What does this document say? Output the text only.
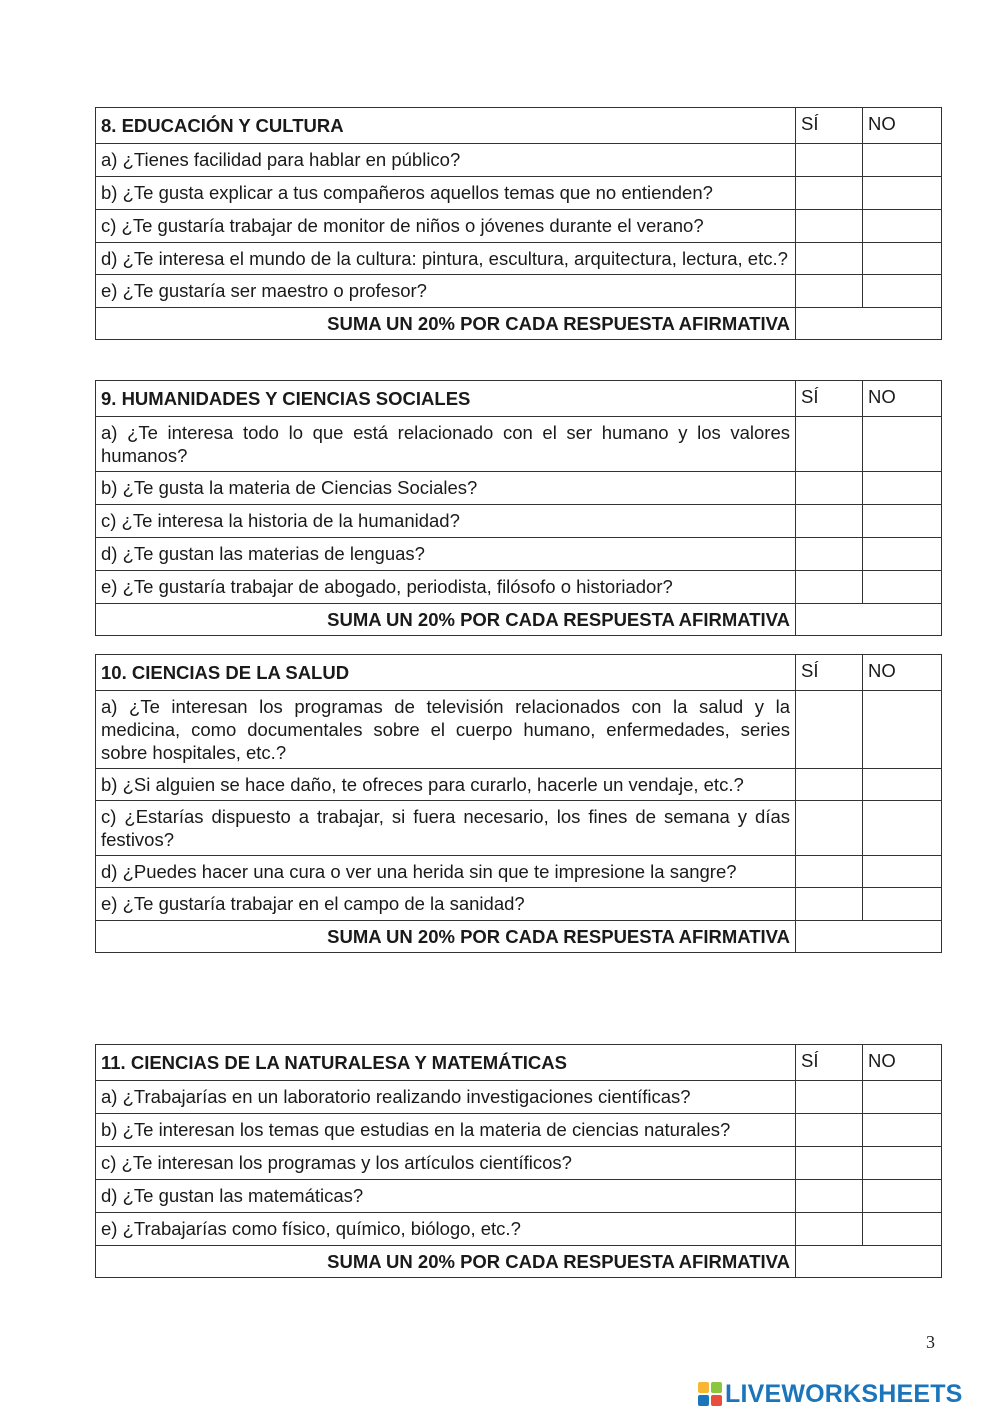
8. EDUCACIÓN Y CULTURA	SÍ	NO
a) ¿Tienes facilidad para hablar en público?		
b) ¿Te gusta explicar a tus compañeros aquellos temas que no entienden?		
c) ¿Te gustaría trabajar de monitor de niños o jóvenes durante el verano?		
d) ¿Te interesa el mundo de la cultura: pintura, escultura, arquitectura, lectura, etc.?		
e) ¿Te gustaría ser maestro o profesor?		
SUMA UN 20% POR CADA RESPUESTA AFIRMATIVA		
9. HUMANIDADES Y CIENCIAS SOCIALES	SÍ	NO
a) ¿Te interesa todo lo que está relacionado con el ser humano y los valores humanos?		
b) ¿Te gusta la materia de Ciencias Sociales?		
c) ¿Te interesa la historia de la humanidad?		
d) ¿Te gustan las materias de lenguas?		
e) ¿Te gustaría trabajar de abogado, periodista, filósofo o historiador?		
SUMA UN 20% POR CADA RESPUESTA AFIRMATIVA		
10. CIENCIAS DE LA SALUD	SÍ	NO
a) ¿Te interesan los programas de televisión relacionados con la salud y la medicina, como documentales sobre el cuerpo humano, enfermedades, series sobre hospitales, etc.?		
b) ¿Si alguien se hace daño, te ofreces para curarlo, hacerle un vendaje, etc.?		
c) ¿Estarías dispuesto a trabajar, si fuera necesario, los fines de semana y días festivos?		
d) ¿Puedes hacer una cura o ver una herida sin que te impresione la sangre?		
e) ¿Te gustaría trabajar en el campo de la sanidad?		
SUMA UN 20% POR CADA RESPUESTA AFIRMATIVA		
11. CIENCIAS DE LA NATURALESA Y MATEMÁTICAS	SÍ	NO
a) ¿Trabajarías en un laboratorio realizando investigaciones científicas?		
b) ¿Te interesan los temas que estudias en la materia de ciencias naturales?		
c) ¿Te interesan los programas y los artículos científicos?		
d) ¿Te gustan las matemáticas?		
e) ¿Trabajarías como físico, químico, biólogo, etc.?		
SUMA UN 20% POR CADA RESPUESTA AFIRMATIVA		
3
LIVEWORKSHEETS
